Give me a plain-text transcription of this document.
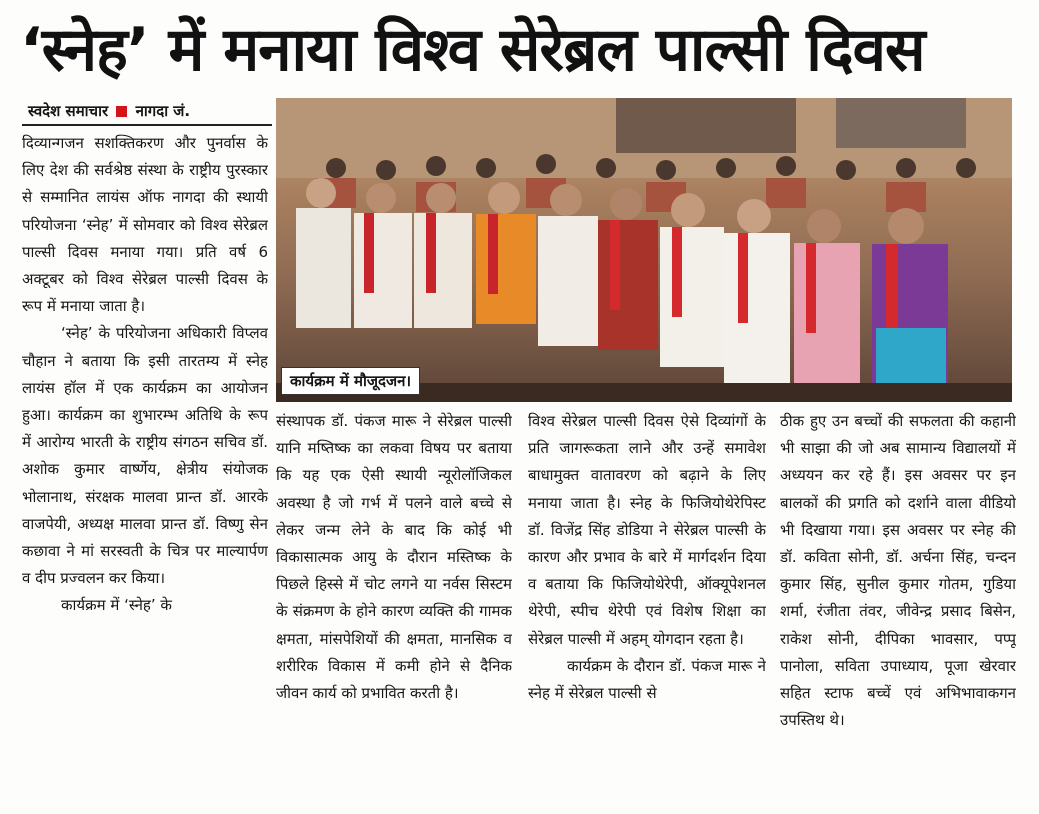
‘स्नेह’ में मनाया विश्व सेरेब्रल पाल्सी दिवस
स्वदेश समाचार नागदा जं.

दिव्यान्गजन सशक्तिकरण और पुनर्वास के लिए देश की सर्वश्रेष्ठ संस्था के राष्ट्रीय पुरस्कार से सम्मानित लायंस ऑफ नागदा की स्थायी परियोजना ‘स्नेह’ में सोमवार को विश्व सेरेब्रल पाल्सी दिवस मनाया गया। प्रति वर्ष 6 अक्टूबर को विश्व सेरेब्रल पाल्सी दिवस के रूप में मनाया जाता है।

‘स्नेह’ के परियोजना अधिकारी विप्लव चौहान ने बताया कि इसी तारतम्य में स्नेह लायंस हॉल में एक कार्यक्रम का आयोजन हुआ। कार्यक्रम का शुभारम्भ अतिथि के रूप में आरोग्य भारती के राष्ट्रीय संगठन सचिव डॉ. अशोक कुमार वार्ष्णेय, क्षेत्रीय संयोजक भोलानाथ, संरक्षक मालवा प्रान्त डॉ. आरके वाजपेयी, अध्यक्ष मालवा प्रान्त डॉ. विष्णु सेन कछावा ने मां सरस्वती के चित्र पर माल्यार्पण व दीप प्रज्वलन कर किया।

कार्यक्रम में ‘स्नेह’ के

कार्यक्रम में मौजूदजन।

संस्थापक डॉ. पंकज मारू ने सेरेब्रल पाल्सी यानि मष्तिष्क का लकवा विषय पर बताया कि यह एक ऐसी स्थायी न्यूरोलॉजिकल अवस्था है जो गर्भ में पलने वाले बच्चे से लेकर जन्म लेने के बाद कि कोई भी विकासात्मक आयु के दौरान मस्तिष्क के पिछले हिस्से में चोट लगने या नर्वस सिस्टम के संक्रमण के होने कारण व्यक्ति की गामक क्षमता, मांसपेशियों की क्षमता, मानसिक व शरीरिक विकास में कमी होने से दैनिक जीवन कार्य को प्रभावित करती है।

विश्व सेरेब्रल पाल्सी दिवस ऐसे दिव्यांगों के प्रति जागरूकता लाने और उन्हें समावेश बाधामुक्त वातावरण को बढ़ाने के लिए मनाया जाता है। स्नेह के फिजियोथेरेपिस्ट डॉ. विजेंद्र सिंह डोडिया ने सेरेब्रल पाल्सी के कारण और प्रभाव के बारे में मार्गदर्शन दिया व बताया कि फिजियोथेरेपी, ऑक्यूपेशनल थेरेपी, स्पीच थेरेपी एवं विशेष शिक्षा का सेरेब्रल पाल्सी में अहम् योगदान रहता है।

कार्यक्रम के दौरान डॉ. पंकज मारू ने स्नेह में सेरेब्रल पाल्सी से

ठीक हुए उन बच्चों की सफलता की कहानी भी साझा की जो अब सामान्य विद्यालयों में अध्ययन कर रहे हैं। इस अवसर पर इन बालकों की प्रगति को दर्शाने वाला वीडियो भी दिखाया गया। इस अवसर पर स्नेह की डॉ. कविता सोनी, डॉ. अर्चना सिंह, चन्दन कुमार सिंह, सुनील कुमार गोतम, गुडिया शर्मा, रंजीता तंवर, जीवेन्द्र प्रसाद बिसेन, राकेश सोनी, दीपिका भावसार, पप्पू पानोला, सविता उपाध्याय, पूजा खेरवार सहित स्टाफ बच्चें एवं अभिभावाकगन उपस्तिथ थे।
